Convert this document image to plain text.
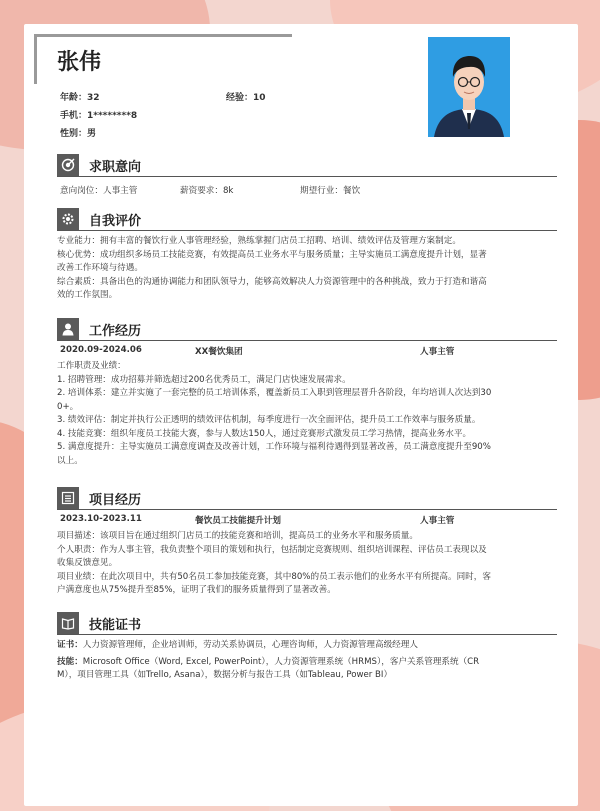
张伟
年龄：32	经验：10
手机：1********8
性别：男
求职意向
意向岗位：人事主管	薪资要求：8k	期望行业：餐饮
自我评价
专业能力：拥有丰富的餐饮行业人事管理经验，熟练掌握门店员工招聘、培训、绩效评估及管理方案制定。
核心优势：成功组织多场员工技能竞赛，有效提高员工业务水平与服务质量；主导实施员工满意度提升计划，显著
改善工作环境与待遇。
综合素质：具备出色的沟通协调能力和团队领导力，能够高效解决人力资源管理中的各种挑战，致力于打造和谐高
效的工作氛围。
工作经历
2020.09-2024.06	XX餐饮集团	人事主管
工作职责及业绩：
1. 招聘管理：成功招募并筛选超过200名优秀员工，满足门店快速发展需求。
2. 培训体系：建立并实施了一套完整的员工培训体系，覆盖新员工入职到管理层晋升各阶段，年均培训人次达到30
0+。
3. 绩效评估：制定并执行公正透明的绩效评估机制，每季度进行一次全面评估，提升员工工作效率与服务质量。
4. 技能竞赛：组织年度员工技能大赛，参与人数达150人，通过竞赛形式激发员工学习热情，提高业务水平。
5. 满意度提升：主导实施员工满意度调查及改善计划，工作环境与福利待遇得到显著改善，员工满意度提升至90%
以上。
项目经历
2023.10-2023.11	餐饮员工技能提升计划	人事主管
项目描述：该项目旨在通过组织门店员工的技能竞赛和培训，提高员工的业务水平和服务质量。
个人职责：作为人事主管，我负责整个项目的策划和执行，包括制定竞赛规则、组织培训课程、评估员工表现以及
收集反馈意见。
项目业绩：在此次项目中，共有50名员工参加技能竞赛，其中80%的员工表示他们的业务水平有所提高。同时，客
户满意度也从75%提升至85%，证明了我们的服务质量得到了显著改善。
技能证书
证书：人力资源管理师，企业培训师，劳动关系协调员，心理咨询师，人力资源管理高级经理人
技能：Microsoft Office（Word, Excel, PowerPoint），人力资源管理系统（HRMS），客户关系管理系统（CR
M），项目管理工具（如Trello, Asana），数据分析与报告工具（如Tableau, Power BI）
